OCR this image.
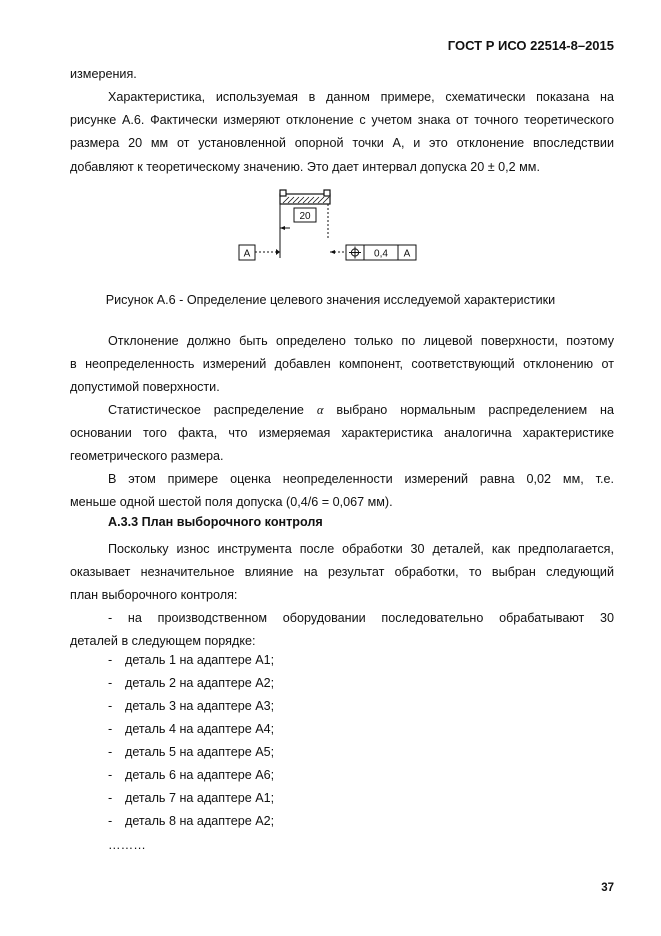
ГОСТ Р ИСО 22514-8–2015
измерения.
Характеристика, используемая в данном примере, схематически показана на
рисунке А.6. Фактически измеряют отклонение с учетом знака от точного теоретического
размера 20 мм от установленной опорной точки А, и это отклонение впоследствии
добавляют к теоретическому значению. Это дает интервал допуска 20 ± 0,2 мм.
20
A	0,4 A
Рисунок А.6 - Определение целевого значения исследуемой характеристики
Отклонение должно быть определено только по лицевой поверхности, поэтому
в неопределенность измерений добавлен компонент, соответствующий отклонению от
допустимой поверхности.
Статистическое распределение α выбрано нормальным распределением на
основании того факта, что измеряемая характеристика аналогична характеристике
геометрического размера.
В этом примере оценка неопределенности измерений равна 0,02 мм, т.е.
меньше одной шестой поля допуска (0,4/6 = 0,067 мм).
А.3.3 План выборочного контроля
Поскольку износ инструмента после обработки 30 деталей, как предполагается,
оказывает незначительное влияние на результат обработки, то выбран следующий
план выборочного контроля:
- на производственном оборудовании последовательно обрабатывают 30
деталей в следующем порядке:
- деталь 1 на адаптере А1;
- деталь 2 на адаптере А2;
- деталь 3 на адаптере А3;
- деталь 4 на адаптере А4;
- деталь 5 на адаптере А5;
- деталь 6 на адаптере А6;
- деталь 7 на адаптере А1;
- деталь 8 на адаптере А2;
………
37
